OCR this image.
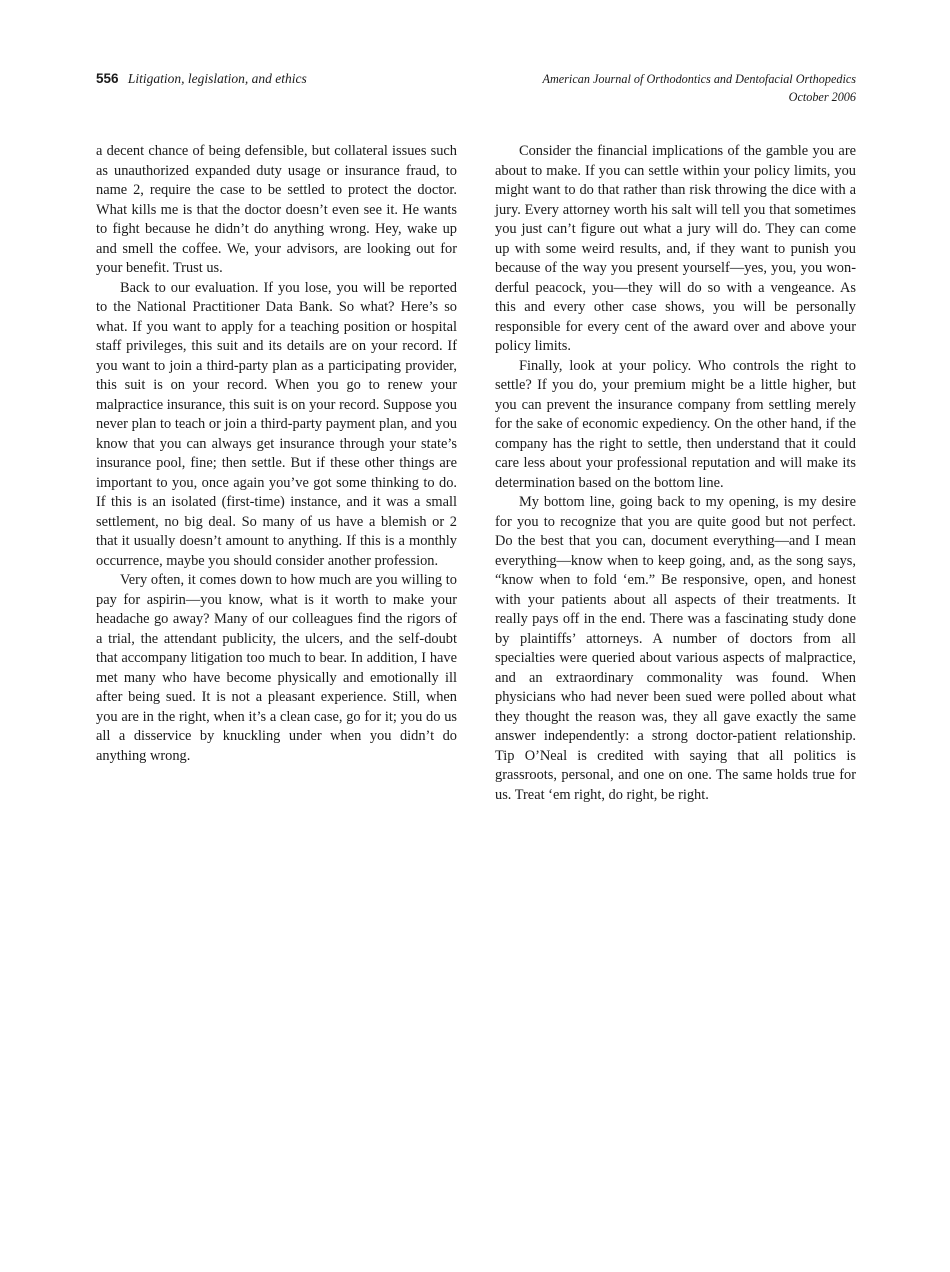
556 Litigation, legislation, and ethics	American Journal of Orthodontics and Dentofacial Orthopedics
October 2006

a decent chance of being defensible, but collateral issues such as unauthorized expanded duty usage or insurance fraud, to name 2, require the case to be settled to protect the doctor. What kills me is that the doctor doesn’t even see it. He wants to fight because he didn’t do anything wrong. Hey, wake up and smell the coffee. We, your advisors, are looking out for your benefit. Trust us.

Back to our evaluation. If you lose, you will be reported to the National Practitioner Data Bank. So what? Here’s so what. If you want to apply for a teaching position or hospital staff privileges, this suit and its details are on your record. If you want to join a third-party plan as a participating provider, this suit is on your record. When you go to renew your malpractice insurance, this suit is on your record. Suppose you never plan to teach or join a third-party payment plan, and you know that you can always get insurance through your state’s insurance pool, fine; then settle. But if these other things are important to you, once again you’ve got some thinking to do. If this is an isolated (first-time) instance, and it was a small settlement, no big deal. So many of us have a blemish or 2 that it usually doesn’t amount to anything. If this is a monthly occurrence, maybe you should consider another profession.

Very often, it comes down to how much are you willing to pay for aspirin—you know, what is it worth to make your headache go away? Many of our colleagues find the rigors of a trial, the attendant publicity, the ulcers, and the self-doubt that accompany litigation too much to bear. In addition, I have met many who have become physically and emotionally ill after being sued. It is not a pleasant experience. Still, when you are in the right, when it’s a clean case, go for it; you do us all a disservice by knuckling under when you didn’t do anything wrong.

Consider the financial implications of the gamble you are about to make. If you can settle within your policy limits, you might want to do that rather than risk throwing the dice with a jury. Every attorney worth his salt will tell you that sometimes you just can’t figure out what a jury will do. They can come up with some weird results, and, if they want to punish you because of the way you present yourself—yes, you, you wonderful peacock, you—they will do so with a vengeance. As this and every other case shows, you will be personally responsible for every cent of the award over and above your policy limits.

Finally, look at your policy. Who controls the right to settle? If you do, your premium might be a little higher, but you can prevent the insurance company from settling merely for the sake of economic expediency. On the other hand, if the company has the right to settle, then understand that it could care less about your professional reputation and will make its determination based on the bottom line.

My bottom line, going back to my opening, is my desire for you to recognize that you are quite good but not perfect. Do the best that you can, document everything—and I mean everything—know when to keep going, and, as the song says, “know when to fold ‘em.” Be responsive, open, and honest with your patients about all aspects of their treatments. It really pays off in the end. There was a fascinating study done by plaintiffs’ attorneys. A number of doctors from all specialties were queried about various aspects of malpractice, and an extraordinary commonality was found. When physicians who had never been sued were polled about what they thought the reason was, they all gave exactly the same answer independently: a strong doctor-patient relationship. Tip O’Neal is credited with saying that all politics is grassroots, personal, and one on one. The same holds true for us. Treat ‘em right, do right, be right.
